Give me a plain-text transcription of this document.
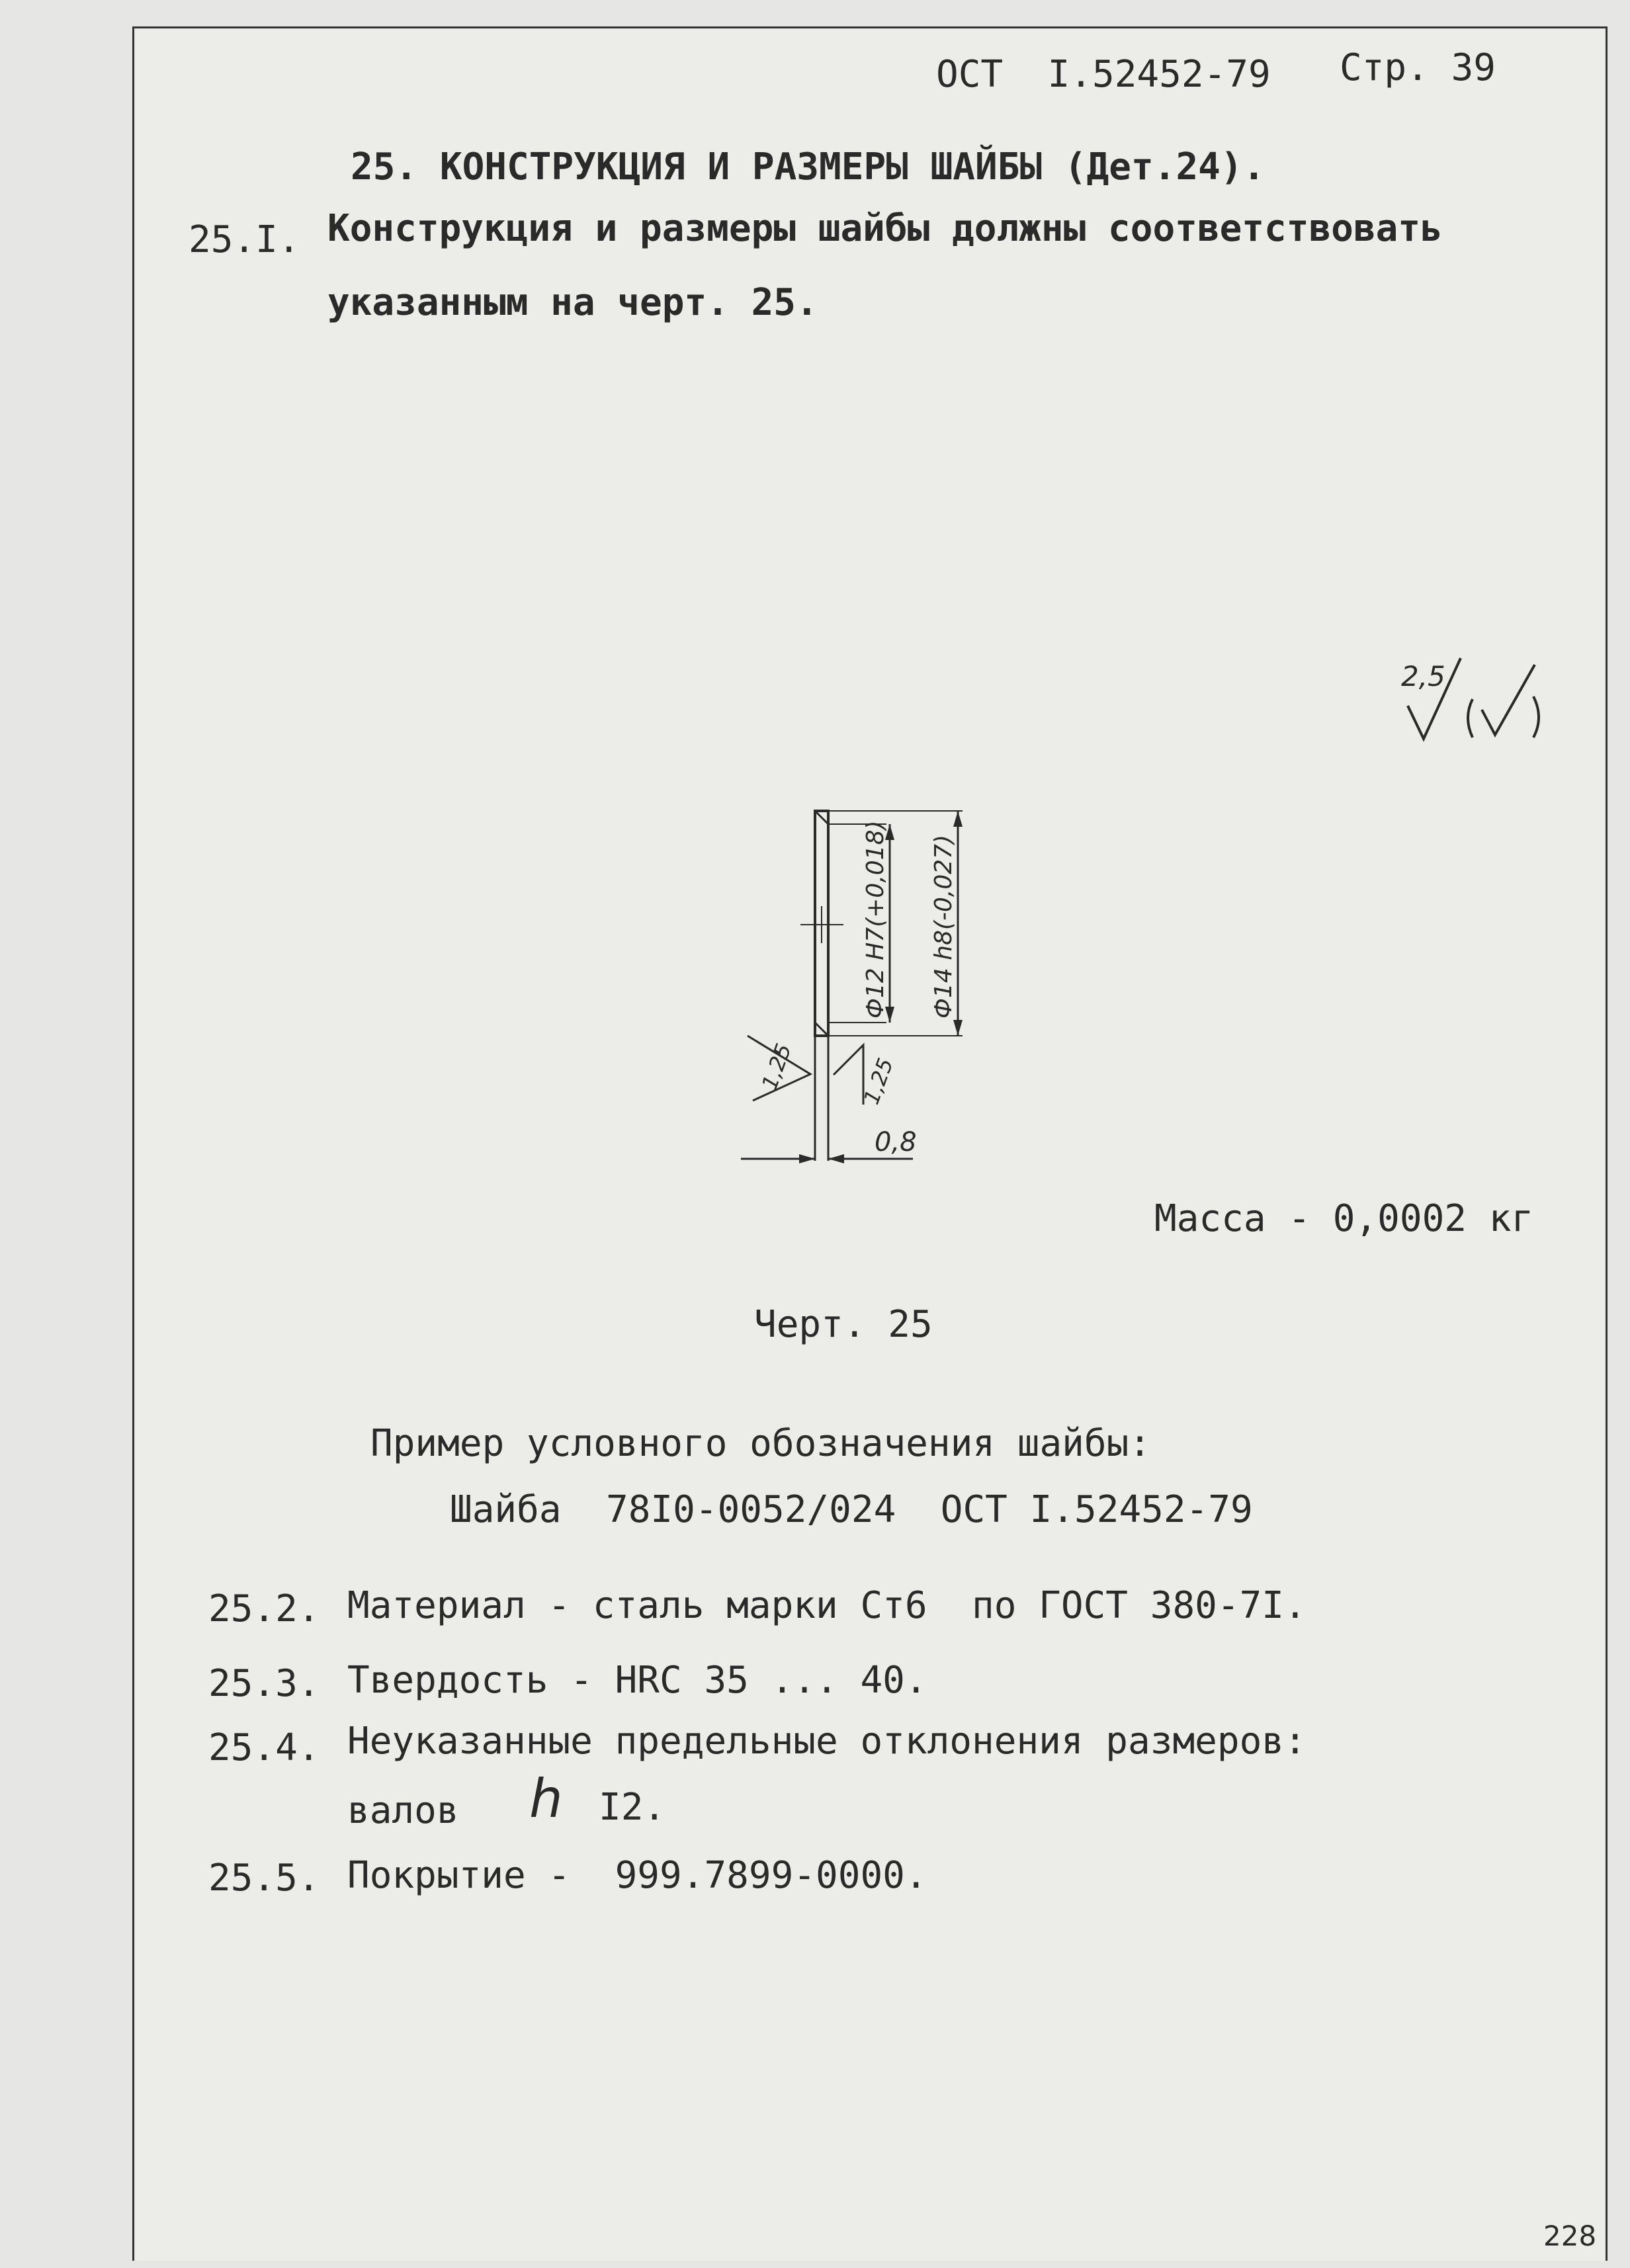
ОСТ  I.52452-79 Стр. 39
25. КОНСТРУКЦИЯ И РАЗМЕРЫ ШАЙБЫ (Дет.24).
25.I. Конструкция и размеры шайбы должны соответствовать
указанным на черт. 25.
2,5
Ф12 Н7(+0,018) Ф14 h8(-0,027)
1,25	1,25
0,8
Масса - 0,0002 кг
Черт. 25
Пример условного обозначения шайбы:
Шайба  78I0-0052/024  ОСТ I.52452-79
25.2. Материал - сталь марки Ст6  по ГОСТ 380-7I.
25.3. Твердость - HRC 35 ... 40.
25.4. Неуказанные предельные отклонения размеров:
валов h I2.
25.5. Покрытие -  999.7899-0000.
228
